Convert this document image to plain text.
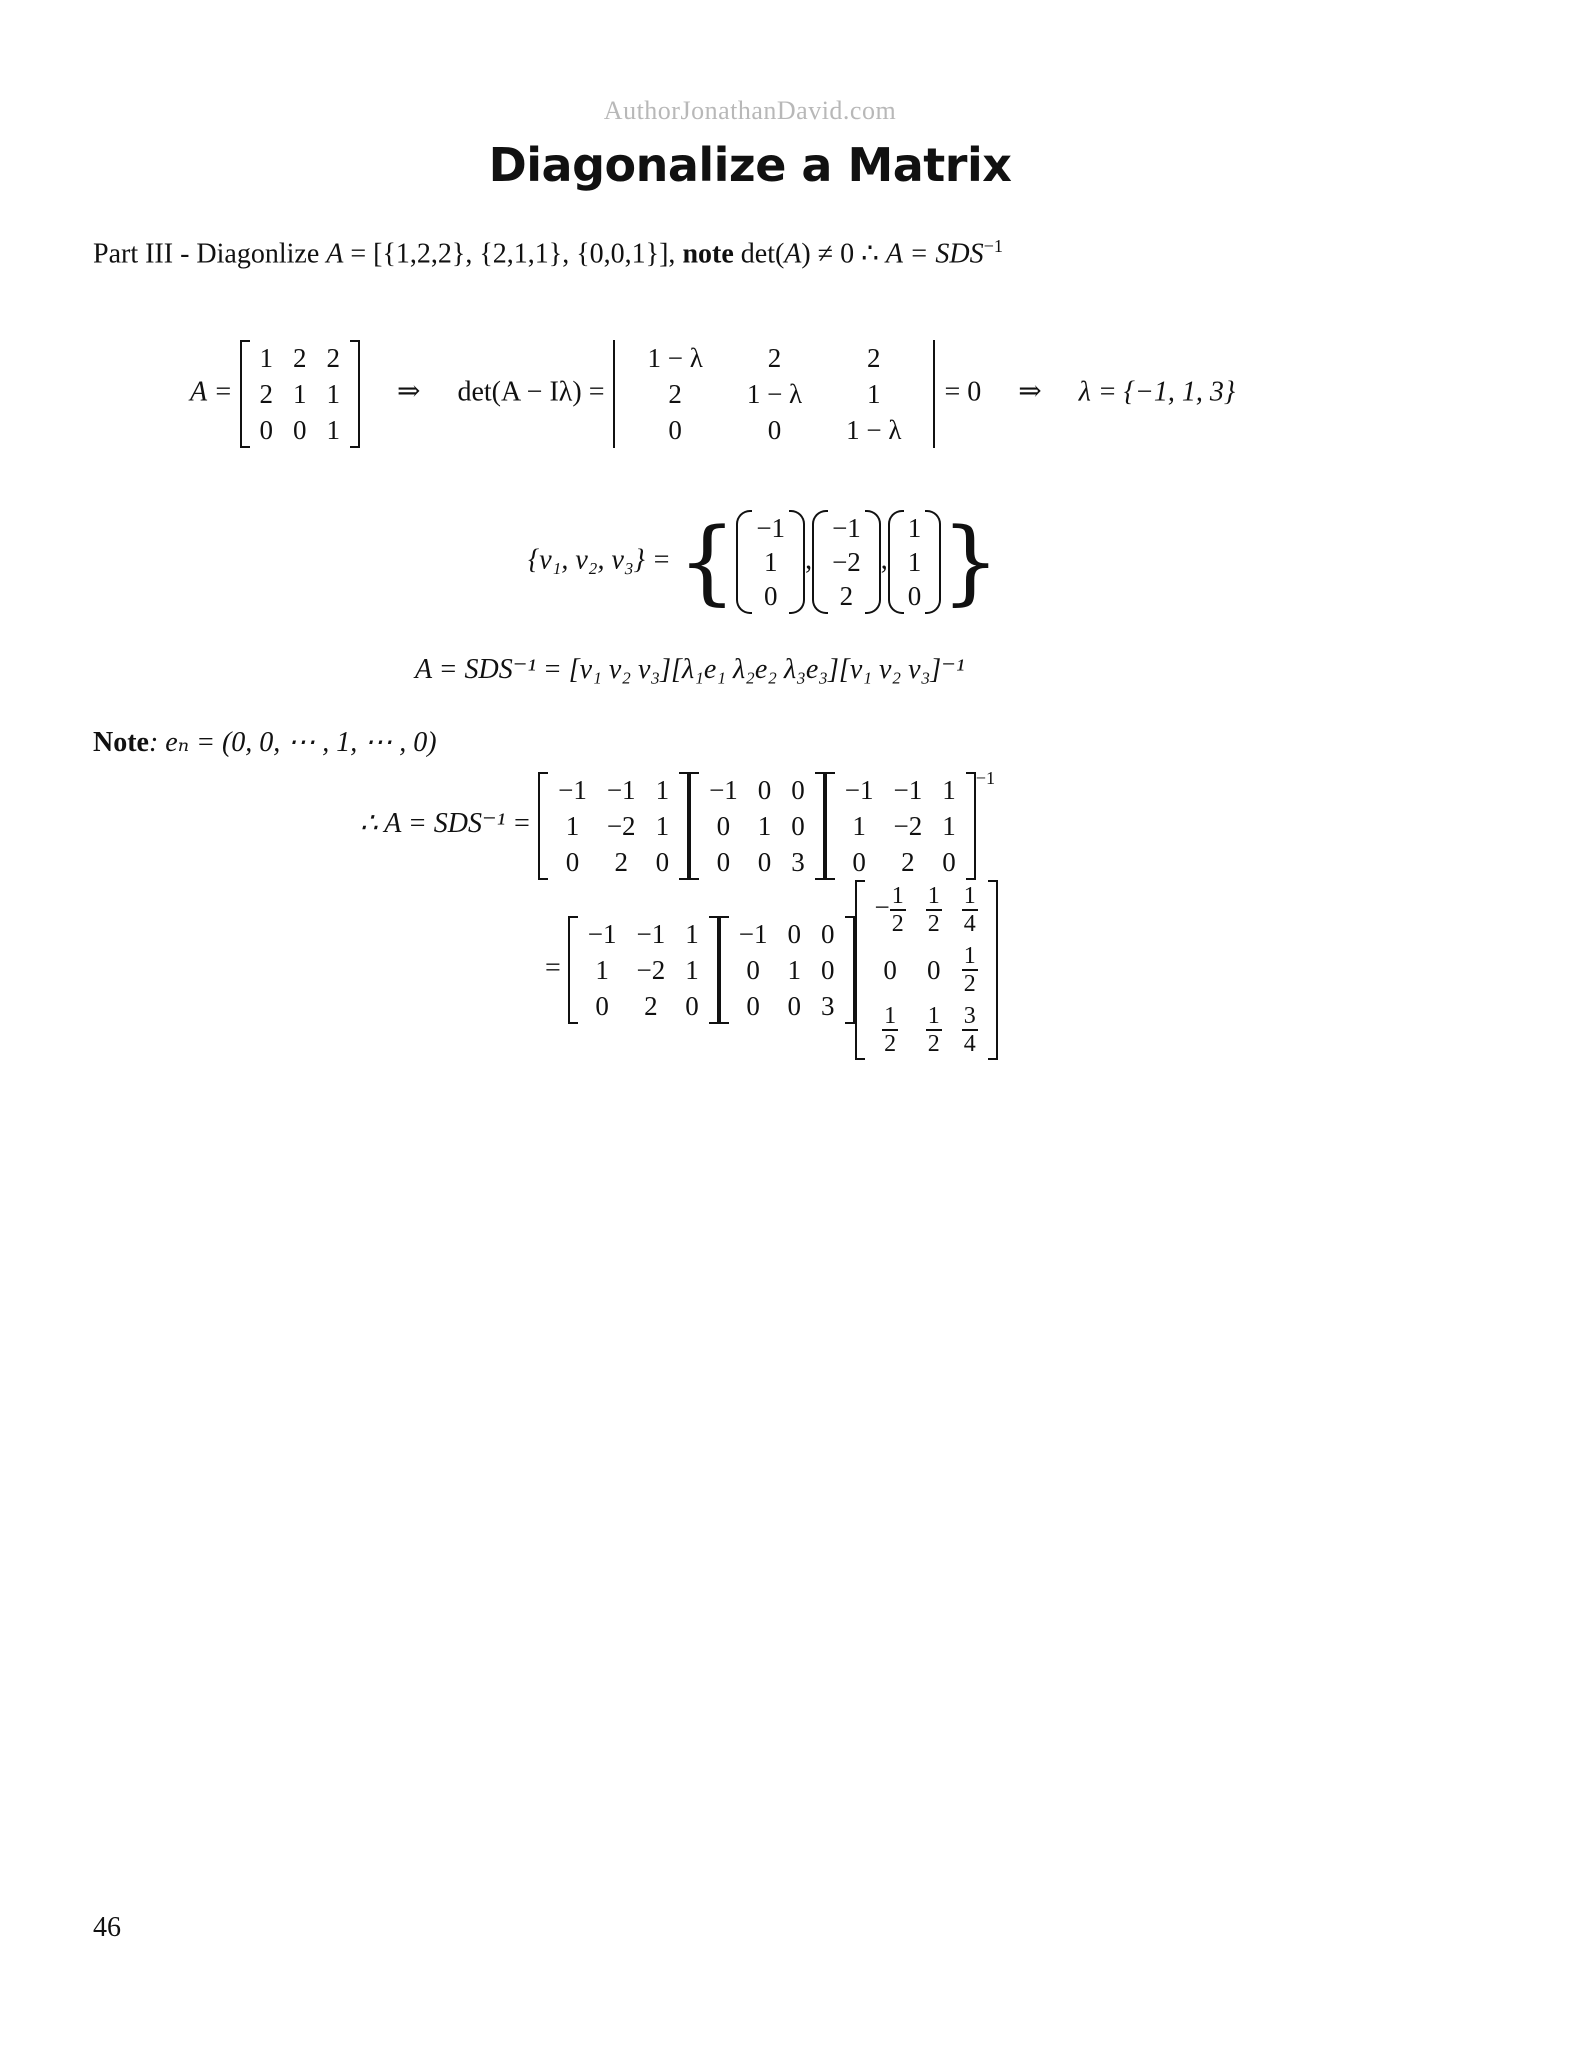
AuthorJonathanDavid.com
Diagonalize a Matrix
Part III - Diagonlize A = [{1,2,2}, {2,1,1}, {0,0,1}], note det(A) ≠ 0 ∴ $A = SDS^{-1}$
A =
1	2	2
2	1	1
0	0	1
⇒ det(A − Iλ) =
1 − λ	2	2
2	1 − λ	1
0	0	1 − λ
= 0 ⇒ λ = {−1, 1, 3}
{v₁, v₂, v₃} = { −1
1
0
,
−1
−2
2
,
1
1
0 }
A = SDS⁻¹ = [v₁ v₂ v₃][λ₁e₁ λ₂e₂ λ₃e₃][v₁ v₂ v₃]⁻¹
Note: eₙ = (0, 0, ⋯ , 1, ⋯ , 0)
∴ A = SDS⁻¹ =
−1	−1	1
1	−2	1
0	2	0
−1	0	0
0	1	0
0	0	3
−1	−1	1
1	−2	1
0	2	0
$^{-1}$
=
−1	−1	1
1	−2	1
0	2	0
−1	0	0
0	1	0
0	0	3
− $\frac{1}{2}$	$\frac{1}{2}$	$\frac{1}{4}$

0	0	$\frac{1}{2}$

$\frac{1}{2}$	$\frac{1}{2}$	$\frac{3}{4}$
46
